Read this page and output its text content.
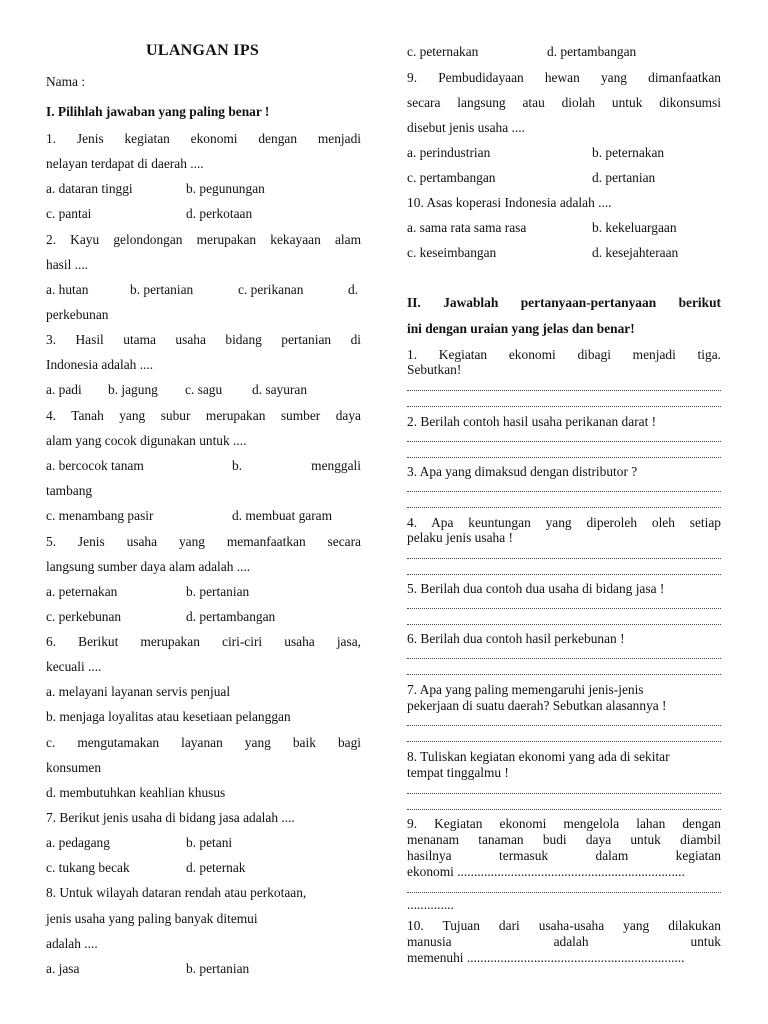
ULANGAN IPS
Nama :
I. Pilihlah jawaban yang paling benar !
1. Jenis kegiatan ekonomi dengan menjadi
nelayan terdapat di daerah ....
a. dataran tinggi	b. pegunungan
c. pantai	d. perkotaan
2. Kayu gelondongan merupakan kekayaan alam
hasil ....
a. hutan	b. pertanian	c. perikanan	d.
perkebunan
3. Hasil utama usaha bidang pertanian di
Indonesia adalah ....
a. padi b. jagung c. sagu d. sayuran
4. Tanah yang subur merupakan sumber daya
alam yang cocok digunakan untuk ....
a. bercocok tanam	b.	menggali
tambang
c. menambang pasir	d. membuat garam
5. Jenis usaha yang memanfaatkan secara
langsung sumber daya alam adalah ....
a. peternakan	b. pertanian
c. perkebunan	d. pertambangan
6. Berikut merupakan ciri-ciri usaha jasa,
kecuali ....
a. melayani layanan servis penjual
b. menjaga loyalitas atau kesetiaan pelanggan
c. mengutamakan layanan yang baik bagi
konsumen
d. membutuhkan keahlian khusus
7. Berikut jenis usaha di bidang jasa adalah ....
a. pedagang	b. petani
c. tukang becak	d. peternak
8. Untuk wilayah dataran rendah atau perkotaan,
jenis usaha yang paling banyak ditemui
adalah ....
a. jasa	b. pertanian
c. peternakan	d. pertambangan
9. Pembudidayaan hewan yang dimanfaatkan
secara langsung atau diolah untuk dikonsumsi
disebut jenis usaha ....
a. perindustrian	b. peternakan
c. pertambangan	d. pertanian
10. Asas koperasi Indonesia adalah ....
a. sama rata sama rasa	b. kekeluargaan
c. keseimbangan	d. kesejahteraan
II. Jawablah pertanyaan-pertanyaan berikut
ini dengan uraian yang jelas dan benar!
1. Kegiatan ekonomi dibagi menjadi tiga.
Sebutkan!
2. Berilah contoh hasil usaha perikanan darat !
3. Apa yang dimaksud dengan distributor ?
4. Apa keuntungan yang diperoleh oleh setiap
pelaku jenis usaha !
5. Berilah dua contoh dua usaha di bidang jasa !
6. Berilah dua contoh hasil perkebunan !
7. Apa yang paling memengaruhi jenis-jenis
pekerjaan di suatu daerah? Sebutkan alasannya !
8. Tuliskan kegiatan ekonomi yang ada di sekitar
tempat tinggalmu !
9. Kegiatan ekonomi mengelola lahan dengan
menanam tanaman budi daya untuk diambil
hasilnya termasuk dalam kegiatan
ekonomi ....................................................................
..............
10. Tujuan dari usaha-usaha yang dilakukan
manusia adalah untuk
memenuhi .................................................................
